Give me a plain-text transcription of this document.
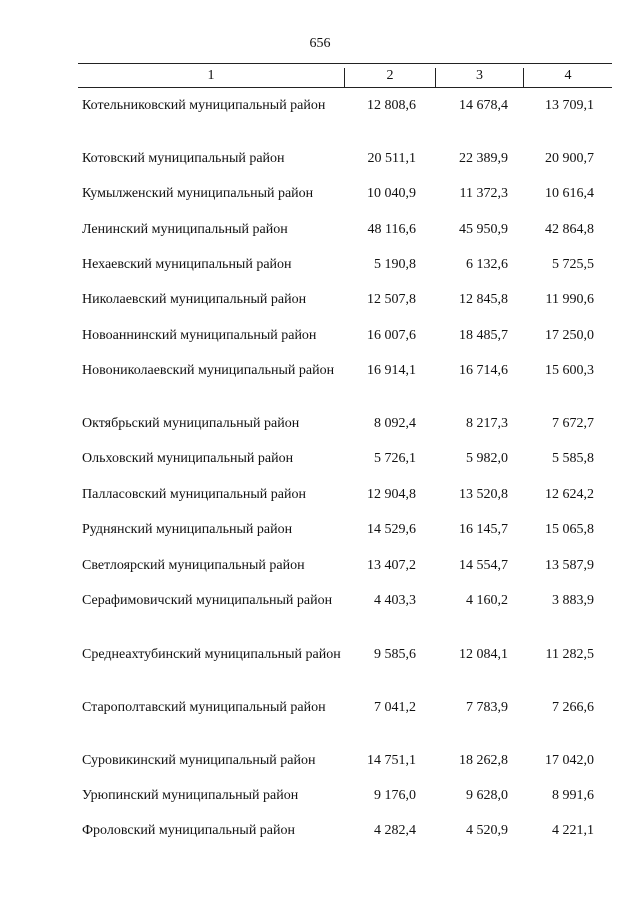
656
1	2	3	4
Котельниковский муниципальный район	12 808,6	14 678,4	13 709,1
Котовский муниципальный район	20 511,1	22 389,9	20 900,7
Кумылженский муниципальный район	10 040,9	11 372,3	10 616,4
Ленинский муниципальный район	48 116,6	45 950,9	42 864,8
Нехаевский муниципальный район	5 190,8	6 132,6	5 725,5
Николаевский муниципальный район	12 507,8	12 845,8	11 990,6
Новоаннинский муниципальный район	16 007,6	18 485,7	17 250,0
Новониколаевский муниципальный район	16 914,1	16 714,6	15 600,3
Октябрьский муниципальный район	8 092,4	8 217,3	7 672,7
Ольховский муниципальный район	5 726,1	5 982,0	5 585,8
Палласовский муниципальный район	12 904,8	13 520,8	12 624,2
Руднянский муниципальный район	14 529,6	16 145,7	15 065,8
Светлоярский муниципальный район	13 407,2	14 554,7	13 587,9
Серафимовичский муниципальный район	4 403,3	4 160,2	3 883,9
Среднеахтубинский муниципальный район	9 585,6	12 084,1	11 282,5
Старополтавский муниципальный район	7 041,2	7 783,9	7 266,6
Суровикинский муниципальный район	14 751,1	18 262,8	17 042,0
Урюпинский муниципальный район	9 176,0	9 628,0	8 991,6
Фроловский муниципальный район	4 282,4	4 520,9	4 221,1
